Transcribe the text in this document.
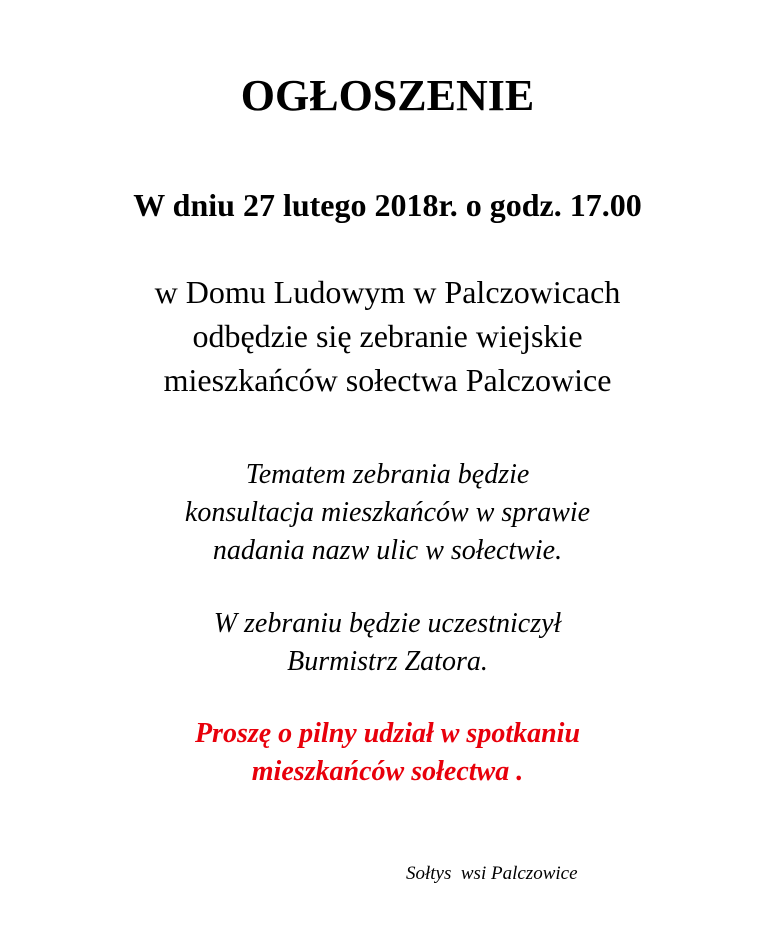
OGŁOSZENIE
W dniu 27 lutego 2018r. o godz. 17.00
w Domu Ludowym w Palczowicach
odbędzie się zebranie wiejskie
mieszkańców sołectwa Palczowice
Tematem zebrania będzie
konsultacja mieszkańców w sprawie
nadania nazw ulic w sołectwie.
W zebraniu będzie uczestniczył
Burmistrz Zatora.
Proszę o pilny udział w spotkaniu
mieszkańców sołectwa .
Sołtys  wsi Palczowice
